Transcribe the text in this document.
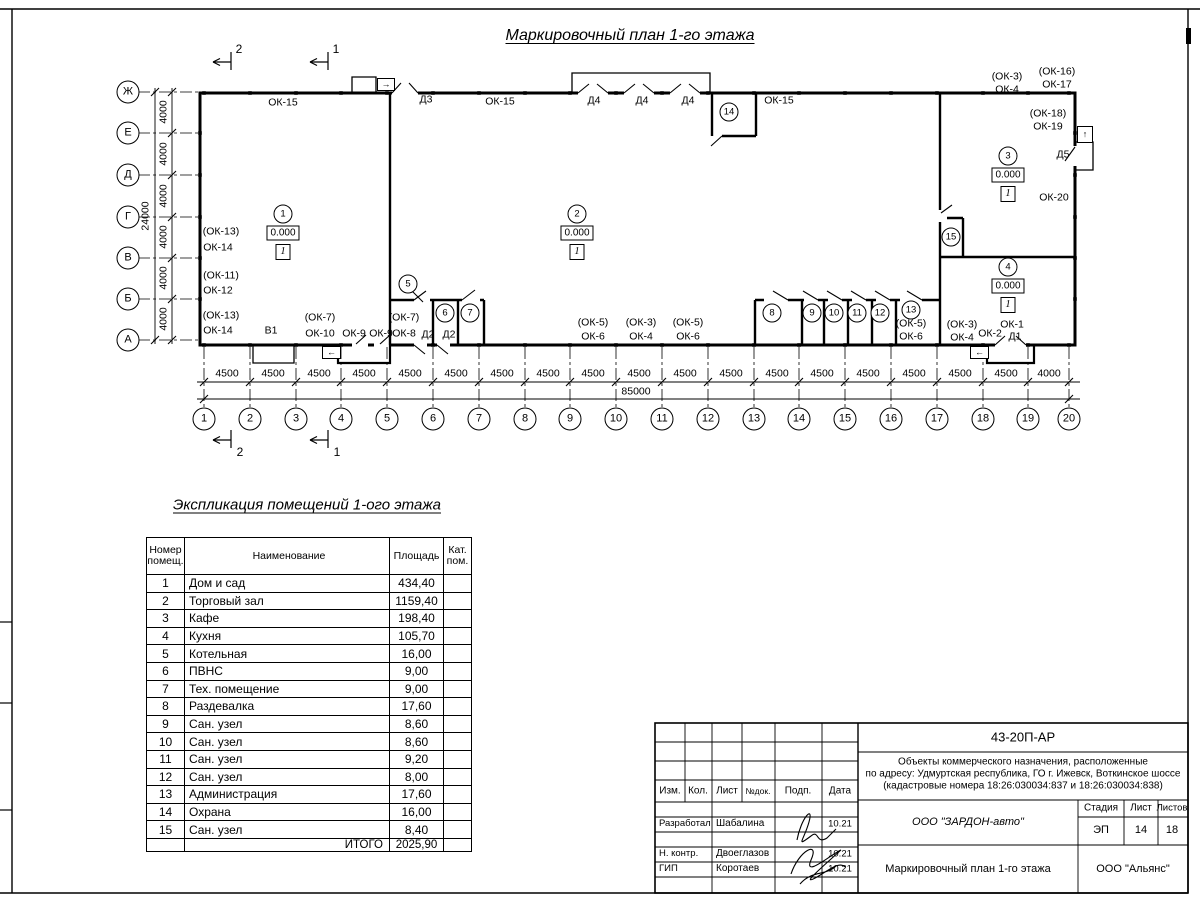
Маркировочный план 1-го этажа
Экспликация помещений 1-ого этажа
→
←	←
↑
85000
24000
Номер помещ.	Наименование	Площадь	Кат. пом.
1	Дом и сад	434,40	
2	Торговый зал	1159,40	
3	Кафе	198,40	
4	Кухня	105,70	
5	Котельная	16,00	
6	ПВНС	9,00	
7	Тех. помещение	9,00	
8	Раздевалка	17,60	
9	Сан. узел	8,60	
10	Сан. узел	8,60	
11	Сан. узел	9,20	
12	Сан. узел	8,00	
13	Администрация	17,60	
14	Охрана	16,00	
15	Сан. узел	8,40	
	ИТОГО	2025,90	
43-20П-АР
Объекты коммерческого назначения, расположенные
по адресу: Удмуртская республика, ГО г. Ижевск, Воткинское шоссе
(кадастровые номера 18:26:030034:837 и 18:26:030034:838)
ООО "ЗАРДОН-авто"
Маркировочный план 1-го этажа	ООО "Альянс"
Стадия Лист Листов
ЭП 14 18
Изм. Кол. Лист №док. Подп. Дата
Ж
Е
Д
Г
В
Б
А
1	2	3	4	5	6	7	8	9	10	11	12	13	14	15	16	17	18	19	20
4500 4500 4500 4500 4500 4500 4500 4500 4500 4500 4500 4500 4500 4500 4500 4500 4500 4500 4000
4000
4000
4000
4000
4000
4000
2	1
2	1
1
0.000
1
2
0.000
1
3
0.000
1
4
0.000
1
5
6	7	8	9	10	11	12	13
14
15
ОК-15	Д3	ОК-15	Д4	Д4	Д4	ОК-15
(ОК-3)
ОК-4
(ОК-16)
ОК-17
(ОК-18)
ОК-19
Д5
ОК-20
(ОК-13)
ОК-14
(ОК-11)
ОК-12
(ОК-13)
ОК-14	В1
(ОК-7)
ОК-10 ОК-9 ОК-9
(ОК-7)
ОК-8 Д2 Д2
(ОК-5)
ОК-6
(ОК-3)
ОК-4
(ОК-5)
ОК-6
(ОК-5)
ОК-6
(ОК-3)
ОК-4 ОК-2
ОК-1
Д1
Разработал Шабалина	10.21
Н. контр. Двоеглазов	10.21
ГИП	Коротаев	10.21
